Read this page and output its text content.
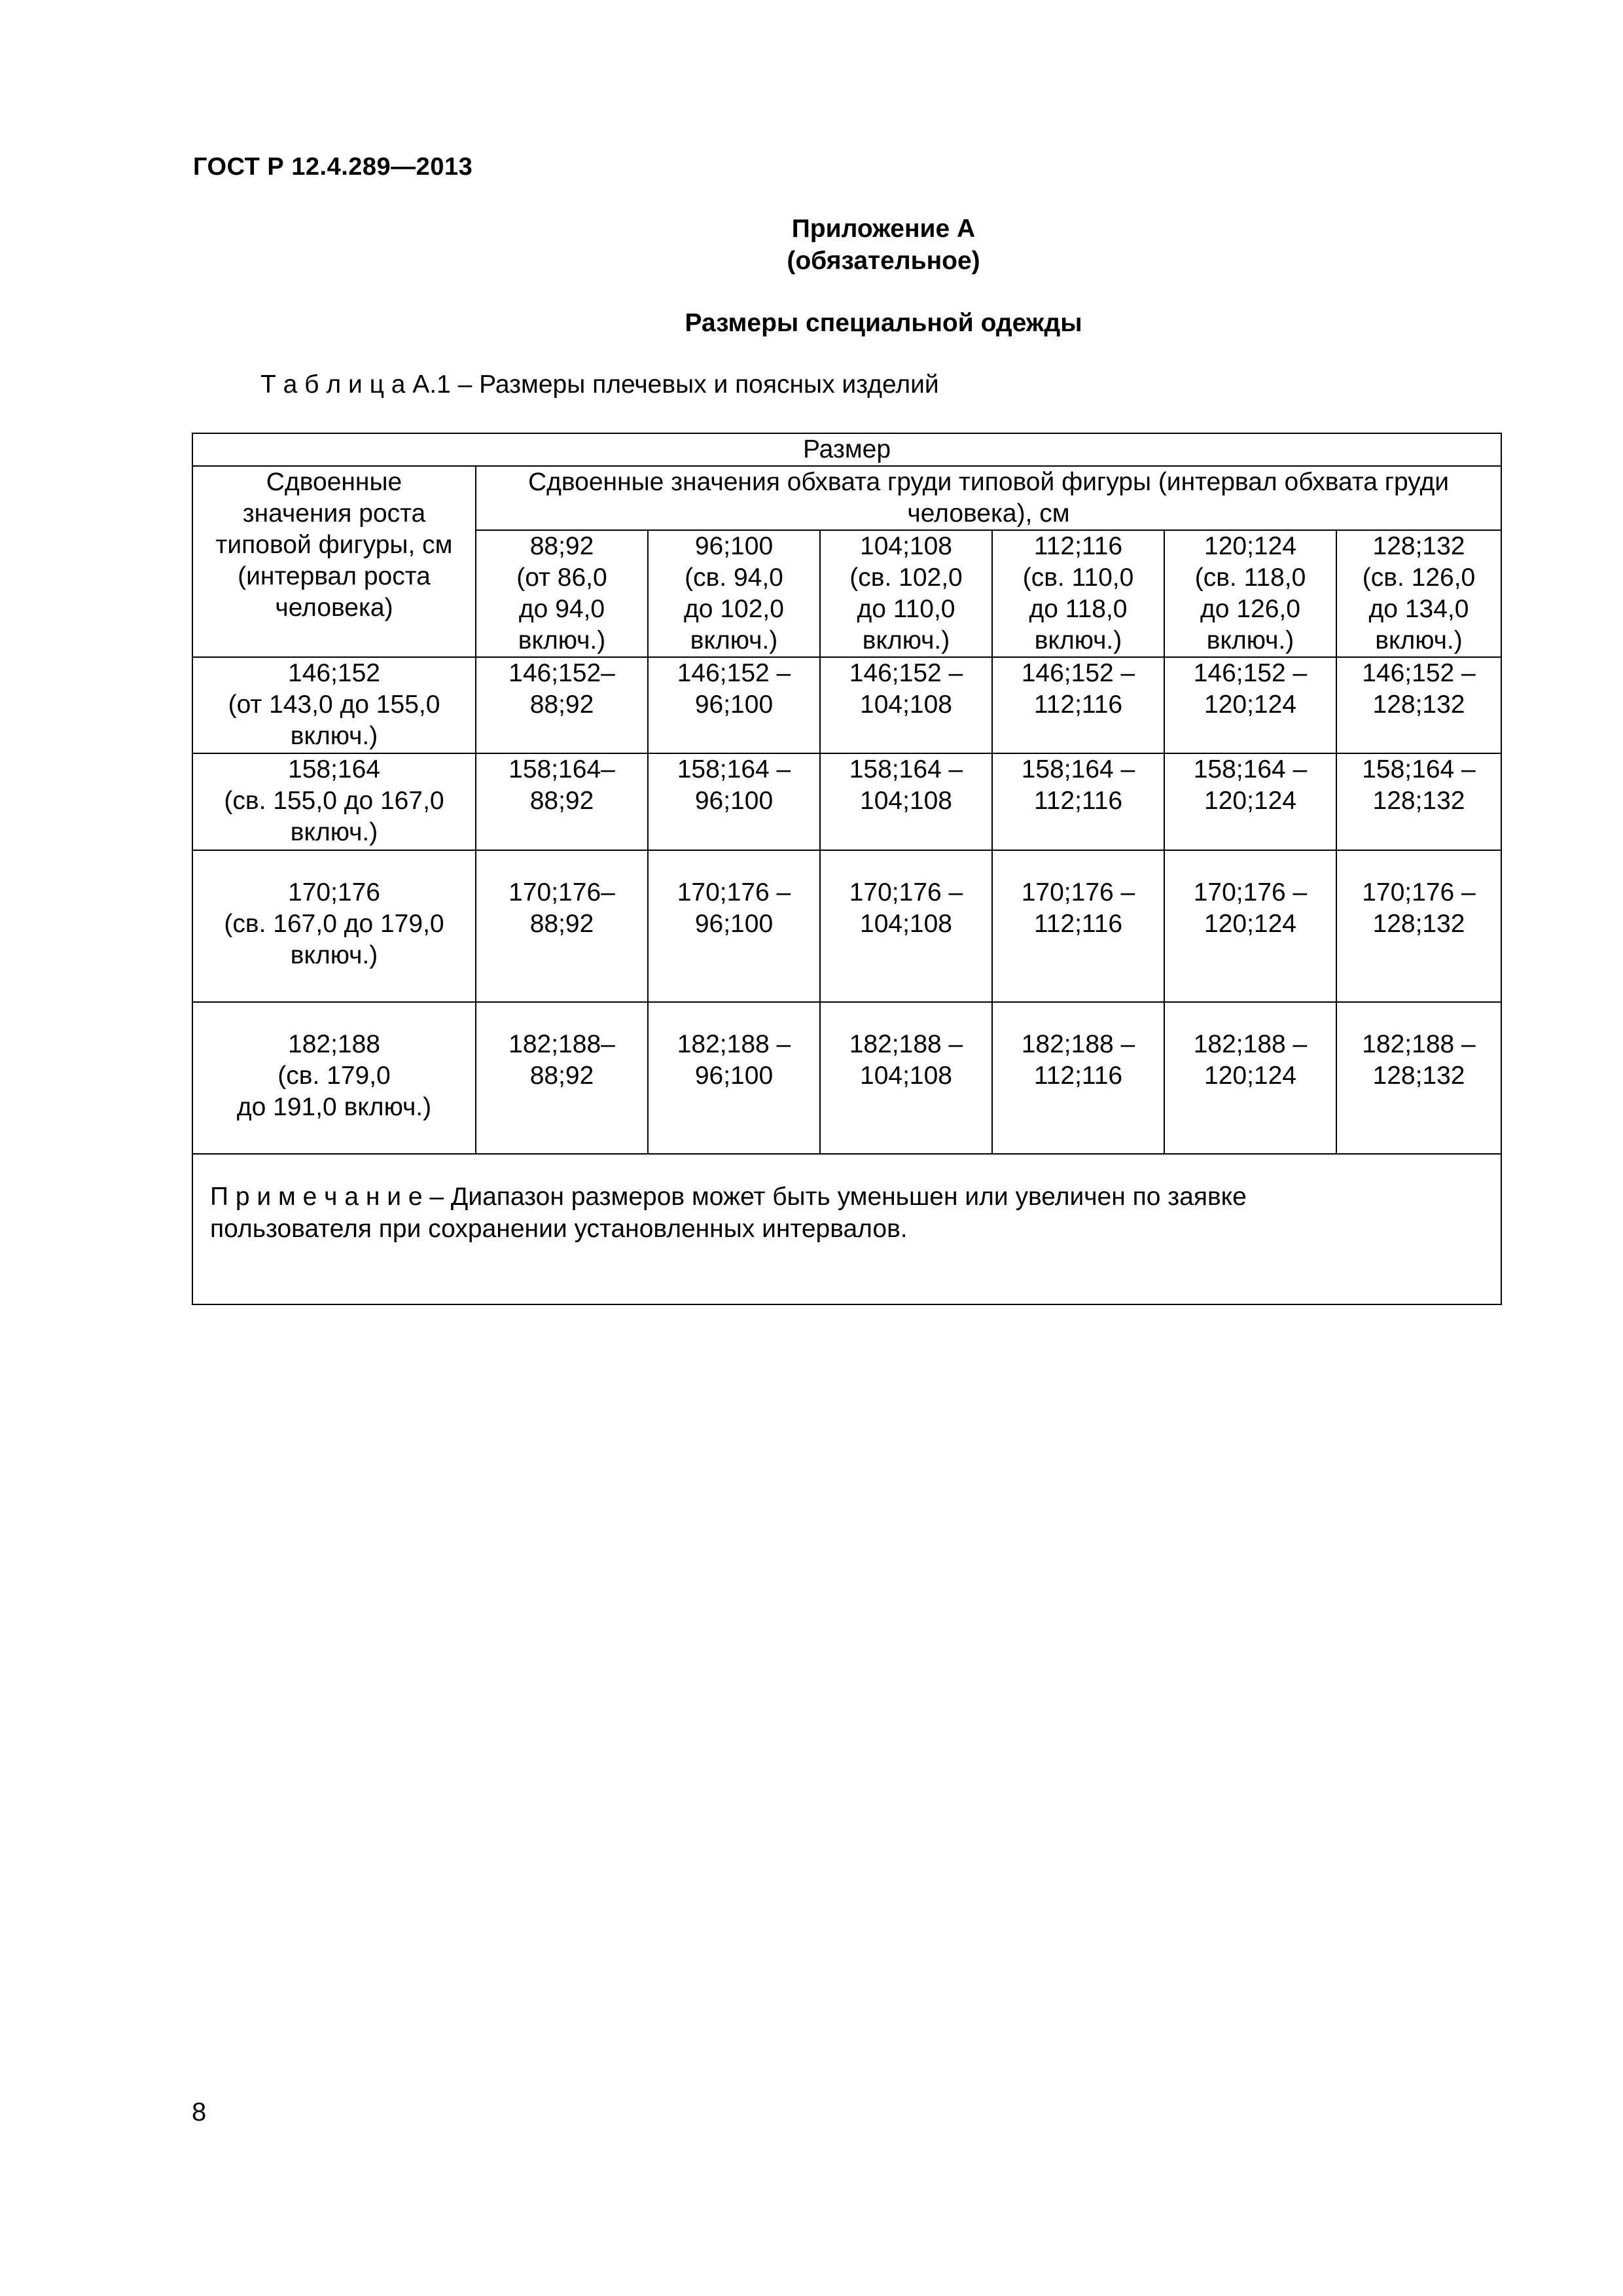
ГОСТ Р 12.4.289—2013
Приложение А
(обязательное)
Размеры специальной одежды
Т а б л и ц а А.1 – Размеры плечевых и поясных изделий
Размер						

Сдвоенные
значения роста
типовой фигуры, см
(интервал роста
человека)	Сдвоенные значения обхвата груди типовой фигуры (интервал обхвата груди
человека), см					

	88;92
(от 86,0
до 94,0
включ.)	96;100
(св. 94,0
до 102,0
включ.)	104;108
(св. 102,0
до 110,0
включ.)	112;116
(св. 110,0
до 118,0
включ.)	120;124
(св. 118,0
до 126,0
включ.)	128;132
(св. 126,0
до 134,0
включ.)

146;152
(от 143,0 до 155,0
включ.)	146;152–
88;92	146;152 –
96;100	146;152 –
104;108	146;152 –
112;116	146;152 –
120;124	146;152 –
128;132

158;164
(св. 155,0 до 167,0
включ.)	158;164–
88;92	158;164 –
96;100	158;164 –
104;108	158;164 –
112;116	158;164 –
120;124	158;164 –
128;132

170;176
(св. 167,0 до 179,0
включ.)	170;176–
88;92	170;176 –
96;100	170;176 –
104;108	170;176 –
112;116	170;176 –
120;124	170;176 –
128;132

182;188
(св. 179,0
до 191,0 включ.)	182;188–
88;92	182;188 –
96;100	182;188 –
104;108	182;188 –
112;116	182;188 –
120;124	182;188 –
128;132

П р и м е ч а н и е – Диапазон размеров может быть уменьшен или увеличен по заявке
пользователя при сохранении установленных интервалов.						
8
